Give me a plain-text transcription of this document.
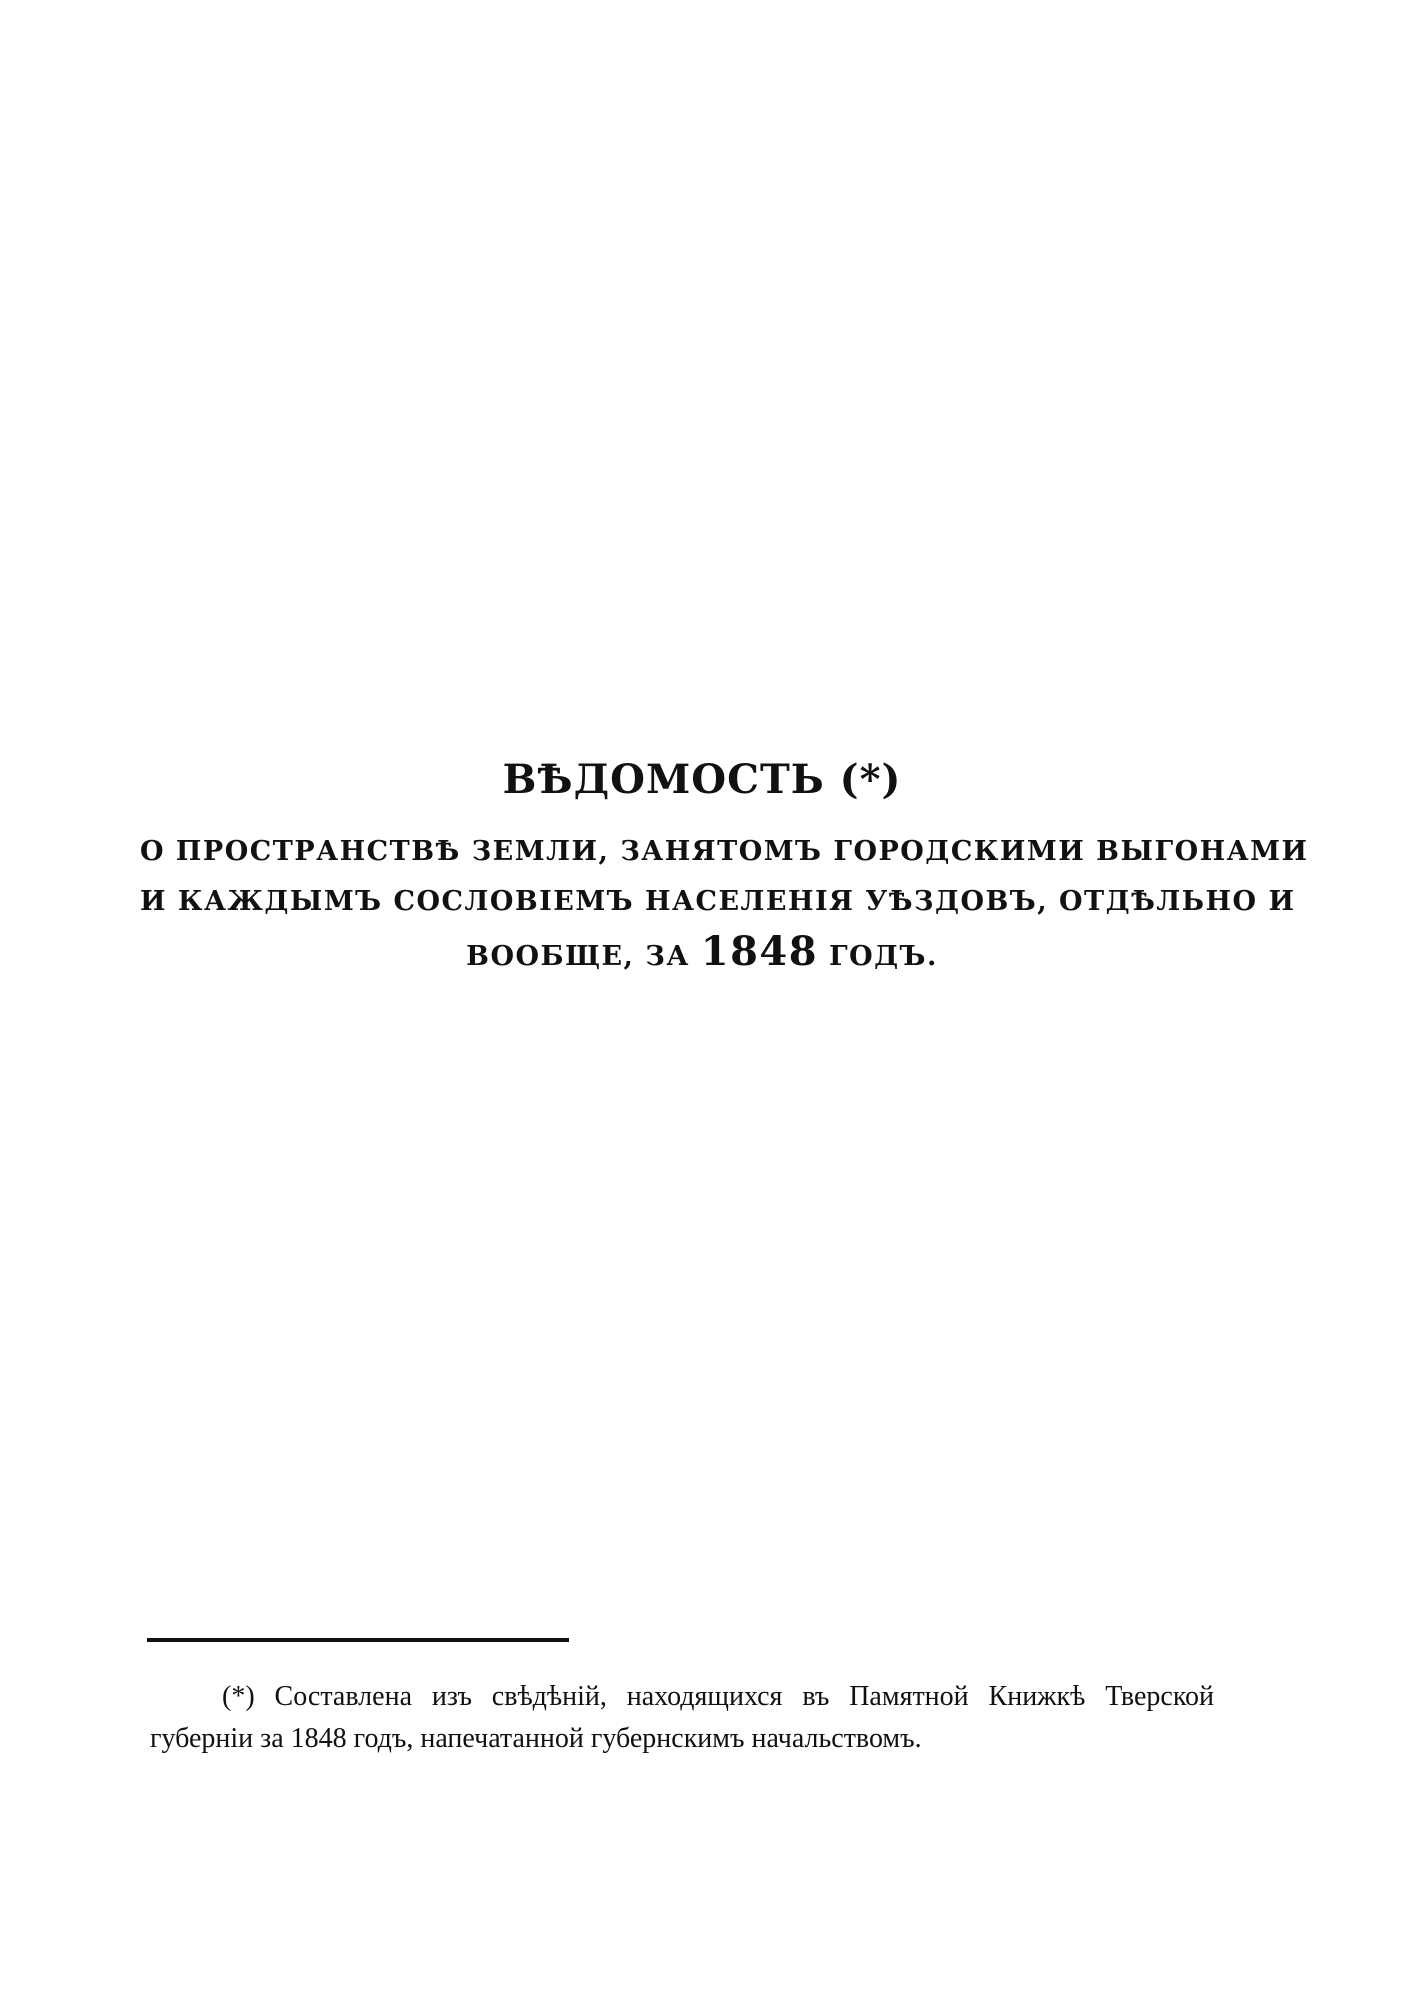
ВѢДОМОСТЬ (*)
О ПРОСТРАНСТВѢ ЗЕМЛИ, ЗАНЯТОМЪ ГОРОДСКИМИ ВЫГОНАМИ
И КАЖДЫМЪ СОСЛОВІЕМЪ НАСЕЛЕНІЯ УѢЗДОВЪ, ОТДѢЛЬНО И
ВООБЩЕ, ЗА 1848 ГОДЪ.
(*) Составлена изъ свѣдѣній, находящихся въ Памятной Книжкѣ Тверской губерніи за 1848 годъ, напечатанной губернскимъ начальствомъ.
